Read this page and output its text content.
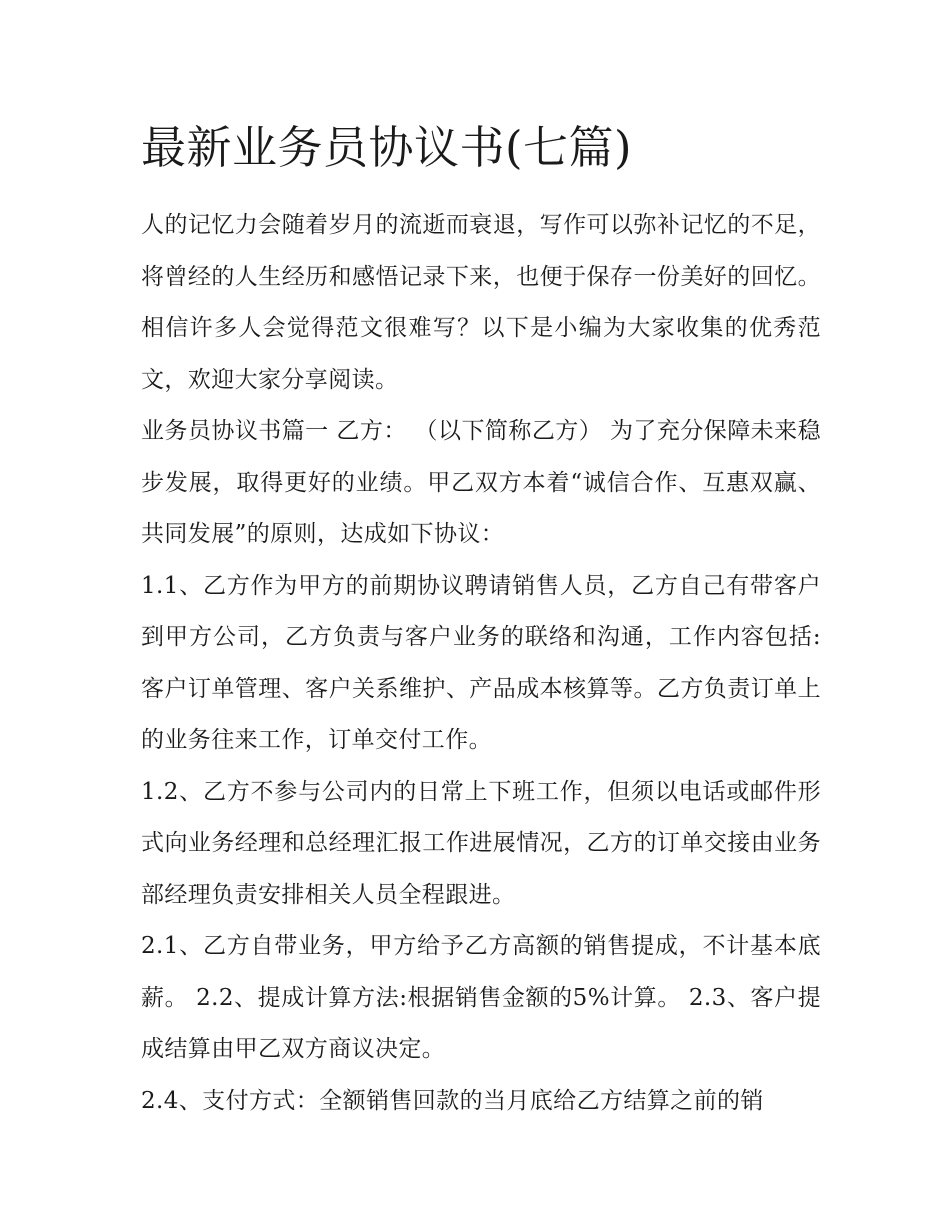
最新业务员协议书(七篇)

人的记忆力会随着岁月的流逝而衰退，写作可以弥补记忆的不足，将曾经的人生经历和感悟记录下来，也便于保存一份美好的回忆。相信许多人会觉得范文很难写？以下是小编为大家收集的优秀范文，欢迎大家分享阅读。

业务员协议书篇一 乙方： （以下简称乙方） 为了充分保障未来稳步发展，取得更好的业绩。甲乙双方本着“诚信合作、互惠双赢、共同发展”的原则，达成如下协议：

1.1、乙方作为甲方的前期协议聘请销售人员，乙方自己有带客户到甲方公司，乙方负责与客户业务的联络和沟通，工作内容包括:客户订单管理、客户关系维护、产品成本核算等。乙方负责订单上的业务往来工作，订单交付工作。

1.2、乙方不参与公司内的日常上下班工作，但须以电话或邮件形式向业务经理和总经理汇报工作进展情况，乙方的订单交接由业务部经理负责安排相关人员全程跟进。

2.1、乙方自带业务，甲方给予乙方高额的销售提成，不计基本底薪。 2.2、提成计算方法:根据销售金额的5%计算。 2.3、客户提成结算由甲乙双方商议决定。

2.4、支付方式：全额销售回款的当月底给乙方结算之前的销
